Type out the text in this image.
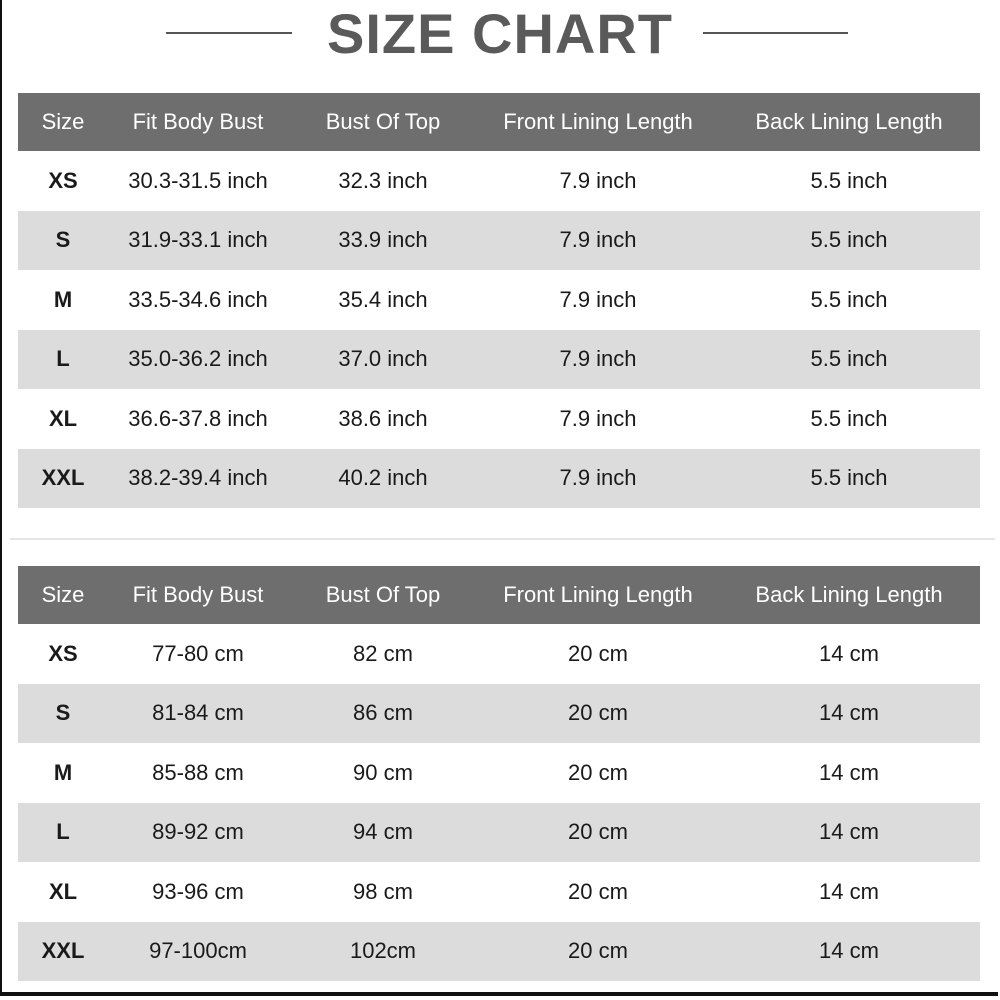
SIZE CHART
Size	Fit Body Bust	Bust Of Top	Front Lining Length	Back Lining Length
XS	30.3-31.5 inch	32.3 inch	7.9 inch	5.5 inch
S	31.9-33.1 inch	33.9 inch	7.9 inch	5.5 inch
M	33.5-34.6 inch	35.4 inch	7.9 inch	5.5 inch
L	35.0-36.2 inch	37.0 inch	7.9 inch	5.5 inch
XL	36.6-37.8 inch	38.6 inch	7.9 inch	5.5 inch
XXL	38.2-39.4 inch	40.2 inch	7.9 inch	5.5 inch
Size	Fit Body Bust	Bust Of Top	Front Lining Length	Back Lining Length
XS	77-80 cm	82 cm	20 cm	14 cm
S	81-84 cm	86 cm	20 cm	14 cm
M	85-88 cm	90 cm	20 cm	14 cm
L	89-92 cm	94 cm	20 cm	14 cm
XL	93-96 cm	98 cm	20 cm	14 cm
XXL	97-100cm	102cm	20 cm	14 cm
